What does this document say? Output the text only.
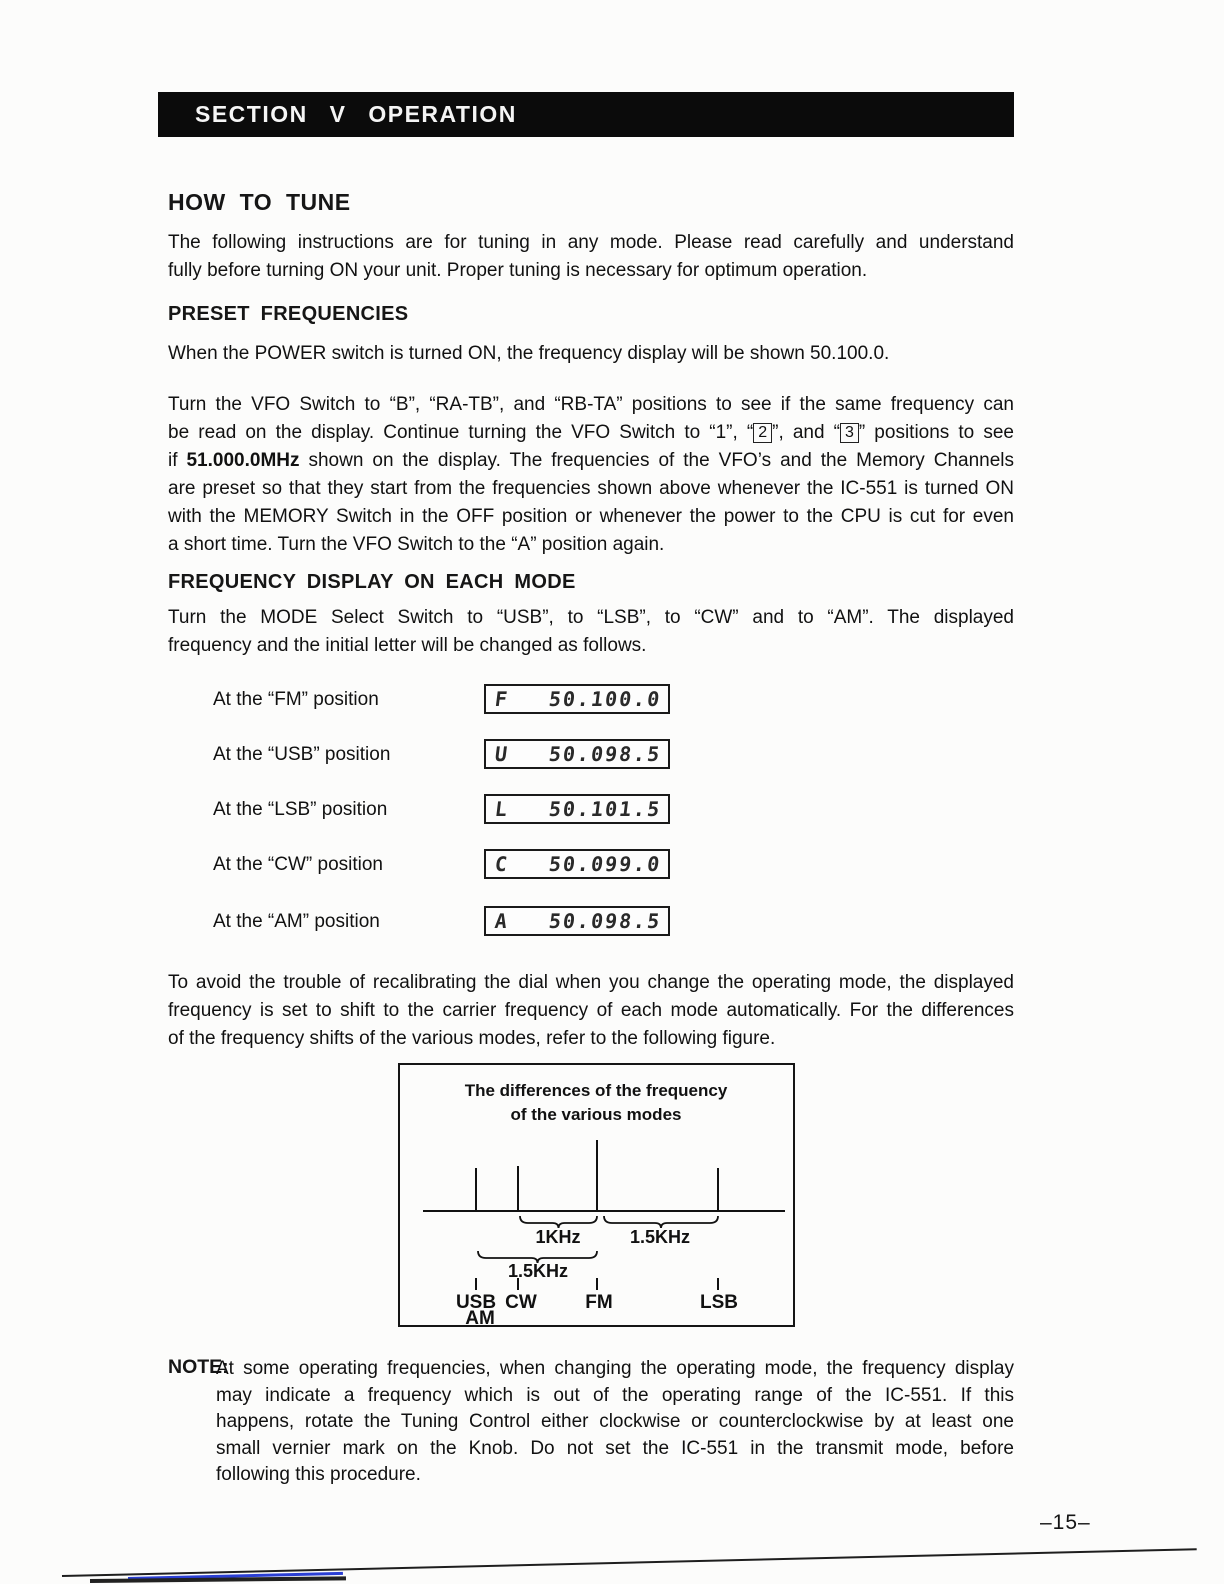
SECTION V OPERATION
HOW TO TUNE
The following instructions are for tuning in any mode. Please read carefully and understand
fully before turning ON your unit. Proper tuning is necessary for optimum operation.
PRESET FREQUENCIES
When the POWER switch is turned ON, the frequency display will be shown 50.100.0.
Turn the VFO Switch to “B”, “RA-TB”, and “RB-TA” positions to see if the same frequency can
be read on the display. Continue turning the VFO Switch to “1”, “ 2 ”, and “ 3 ” positions to see
if 51.000.0MHz shown on the display. The frequencies of the VFO’s and the Memory Channels
are preset so that they start from the frequencies shown above whenever the IC-551 is turned ON
with the MEMORY Switch in the OFF position or whenever the power to the CPU is cut for even
a short time. Turn the VFO Switch to the “A” position again.
FREQUENCY DISPLAY ON EACH MODE
Turn the MODE Select Switch to “USB”, to “LSB”, to “CW” and to “AM”. The displayed
frequency and the initial letter will be changed as follows.
At the “FM” position	F 50.100.0
At the “USB” position	U 50.098.5
At the “LSB” position	L 50.101.5
At the “CW” position	C 50.099.0
At the “AM” position	A 50.098.5
To avoid the trouble of recalibrating the dial when you change the operating mode, the displayed
frequency is set to shift to the carrier frequency of each mode automatically. For the differences
of the frequency shifts of the various modes, refer to the following figure.
The differences of the frequency
of the various modes
1KHz	1.5KHz
1.5KHz
USB
AM
CW	FM	LSB
NOTE:
At some operating frequencies, when changing the operating mode, the frequency display
may indicate a frequency which is out of the operating range of the IC-551. If this
happens, rotate the Tuning Control either clockwise or counterclockwise by at least one
small vernier mark on the Knob. Do not set the IC-551 in the transmit mode, before
following this procedure.
–15–
